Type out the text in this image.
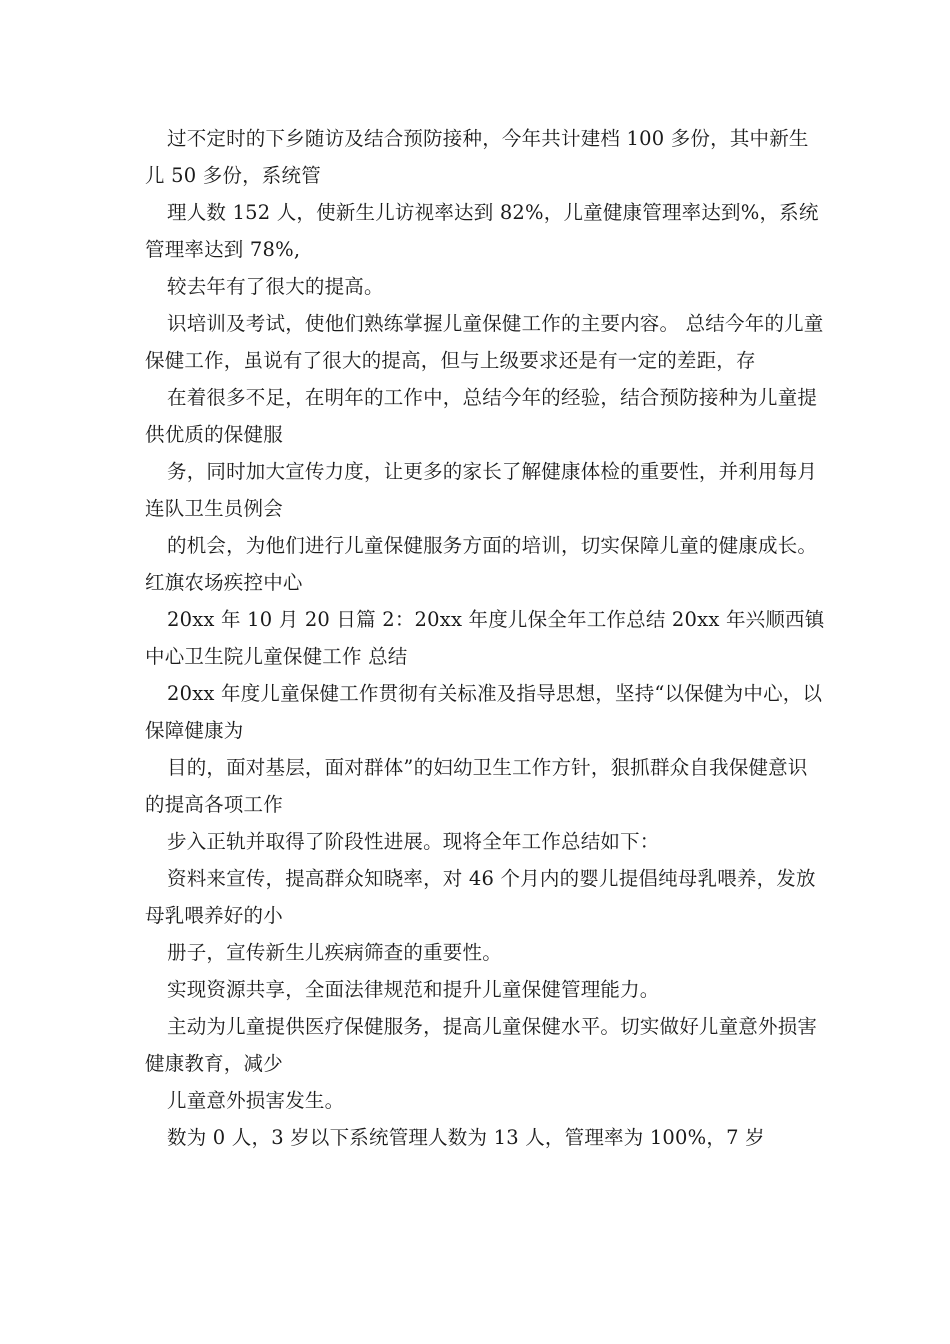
过不定时的下乡随访及结合预防接种，今年共计建档 100 多份，其中新生儿 50 多份，系统管

理人数 152 人，使新生儿访视率达到 82%，儿童健康管理率达到%，系统管理率达到 78%,

较去年有了很大的提高。

识培训及考试，使他们熟练掌握儿童保健工作的主要内容。 总结今年的儿童保健工作，虽说有了很大的提高，但与上级要求还是有一定的差距，存

在着很多不足，在明年的工作中，总结今年的经验，结合预防接种为儿童提供优质的保健服

务，同时加大宣传力度，让更多的家长了解健康体检的重要性，并利用每月连队卫生员例会

的机会，为他们进行儿童保健服务方面的培训，切实保障儿童的健康成长。 红旗农场疾控中心

20xx 年 10 月 20 日篇 2：20xx 年度儿保全年工作总结 20xx 年兴顺西镇中心卫生院儿童保健工作 总结

20xx 年度儿童保健工作贯彻有关标准及指导思想，坚持“以保健为中心，以保障健康为

目的，面对基层，面对群体”的妇幼卫生工作方针，狠抓群众自我保健意识的提高各项工作

步入正轨并取得了阶段性进展。现将全年工作总结如下：

资料来宣传，提高群众知晓率，对 46 个月内的婴儿提倡纯母乳喂养，发放母乳喂养好的小

册子，宣传新生儿疾病筛查的重要性。

实现资源共享，全面法律规范和提升儿童保健管理能力。

主动为儿童提供医疗保健服务，提高儿童保健水平。切实做好儿童意外损害健康教育，减少

儿童意外损害发生。

数为 0 人，3 岁以下系统管理人数为 13 人，管理率为 100%，7 岁
